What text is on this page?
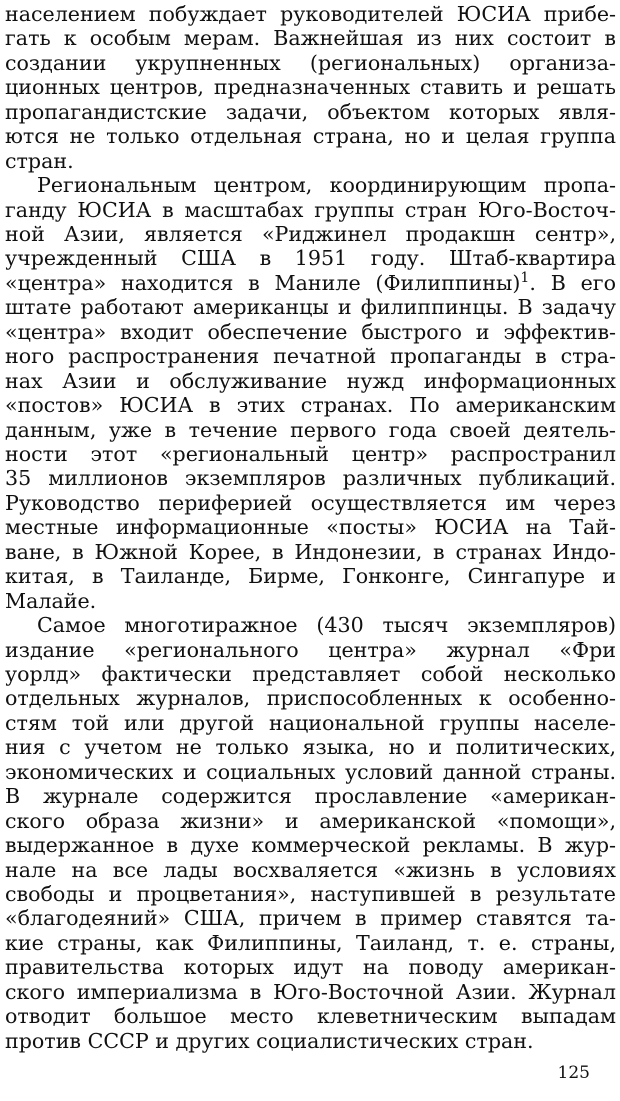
населением побуждает руководителей ЮСИА прибе-
гать к особым мерам. Важнейшая из них состоит в
создании укрупненных (региональных) организа-
ционных центров, предназначенных ставить и решать
пропагандистские задачи, объектом которых явля-
ются не только отдельная страна, но и целая группа
стран.
Региональным центром, координирующим пропа-
ганду ЮСИА в масштабах группы стран Юго-Восточ-
ной Азии, является «Риджинел продакшн сентр»,
учрежденный США в 1951 году. Штаб-квартира
«центра» находится в Маниле (Филиппины)$^1$. В его
штате работают американцы и филиппинцы. В задачу
«центра» входит обеспечение быстрого и эффектив-
ного распространения печатной пропаганды в стра-
нах Азии и обслуживание нужд информационных
«постов» ЮСИА в этих странах. По американским
данным, уже в течение первого года своей деятель-
ности этот «региональный центр» распространил
35 миллионов экземпляров различных публикаций.
Руководство периферией осуществляется им через
местные информационные «посты» ЮСИА на Тай-
ване, в Южной Корее, в Индонезии, в странах Индо-
китая, в Таиланде, Бирме, Гонконге, Сингапуре и
Малайе.
Самое многотиражное (430 тысяч экземпляров)
издание «регионального центра» журнал «Фри
уорлд» фактически представляет собой несколько
отдельных журналов, приспособленных к особенно-
стям той или другой национальной группы населе-
ния с учетом не только языка, но и политических,
экономических и социальных условий данной страны.
В журнале содержится прославление «американ-
ского образа жизни» и американской «помощи»,
выдержанное в духе коммерческой рекламы. В жур-
нале на все лады восхваляется «жизнь в условиях
свободы и процветания», наступившей в результате
«благодеяний» США, причем в пример ставятся та-
кие страны, как Филиппины, Таиланд, т. е. страны,
правительства которых идут на поводу американ-
ского империализма в Юго-Восточной Азии. Журнал
отводит большое место клеветническим выпадам
против СССР и других социалистических стран.
125
